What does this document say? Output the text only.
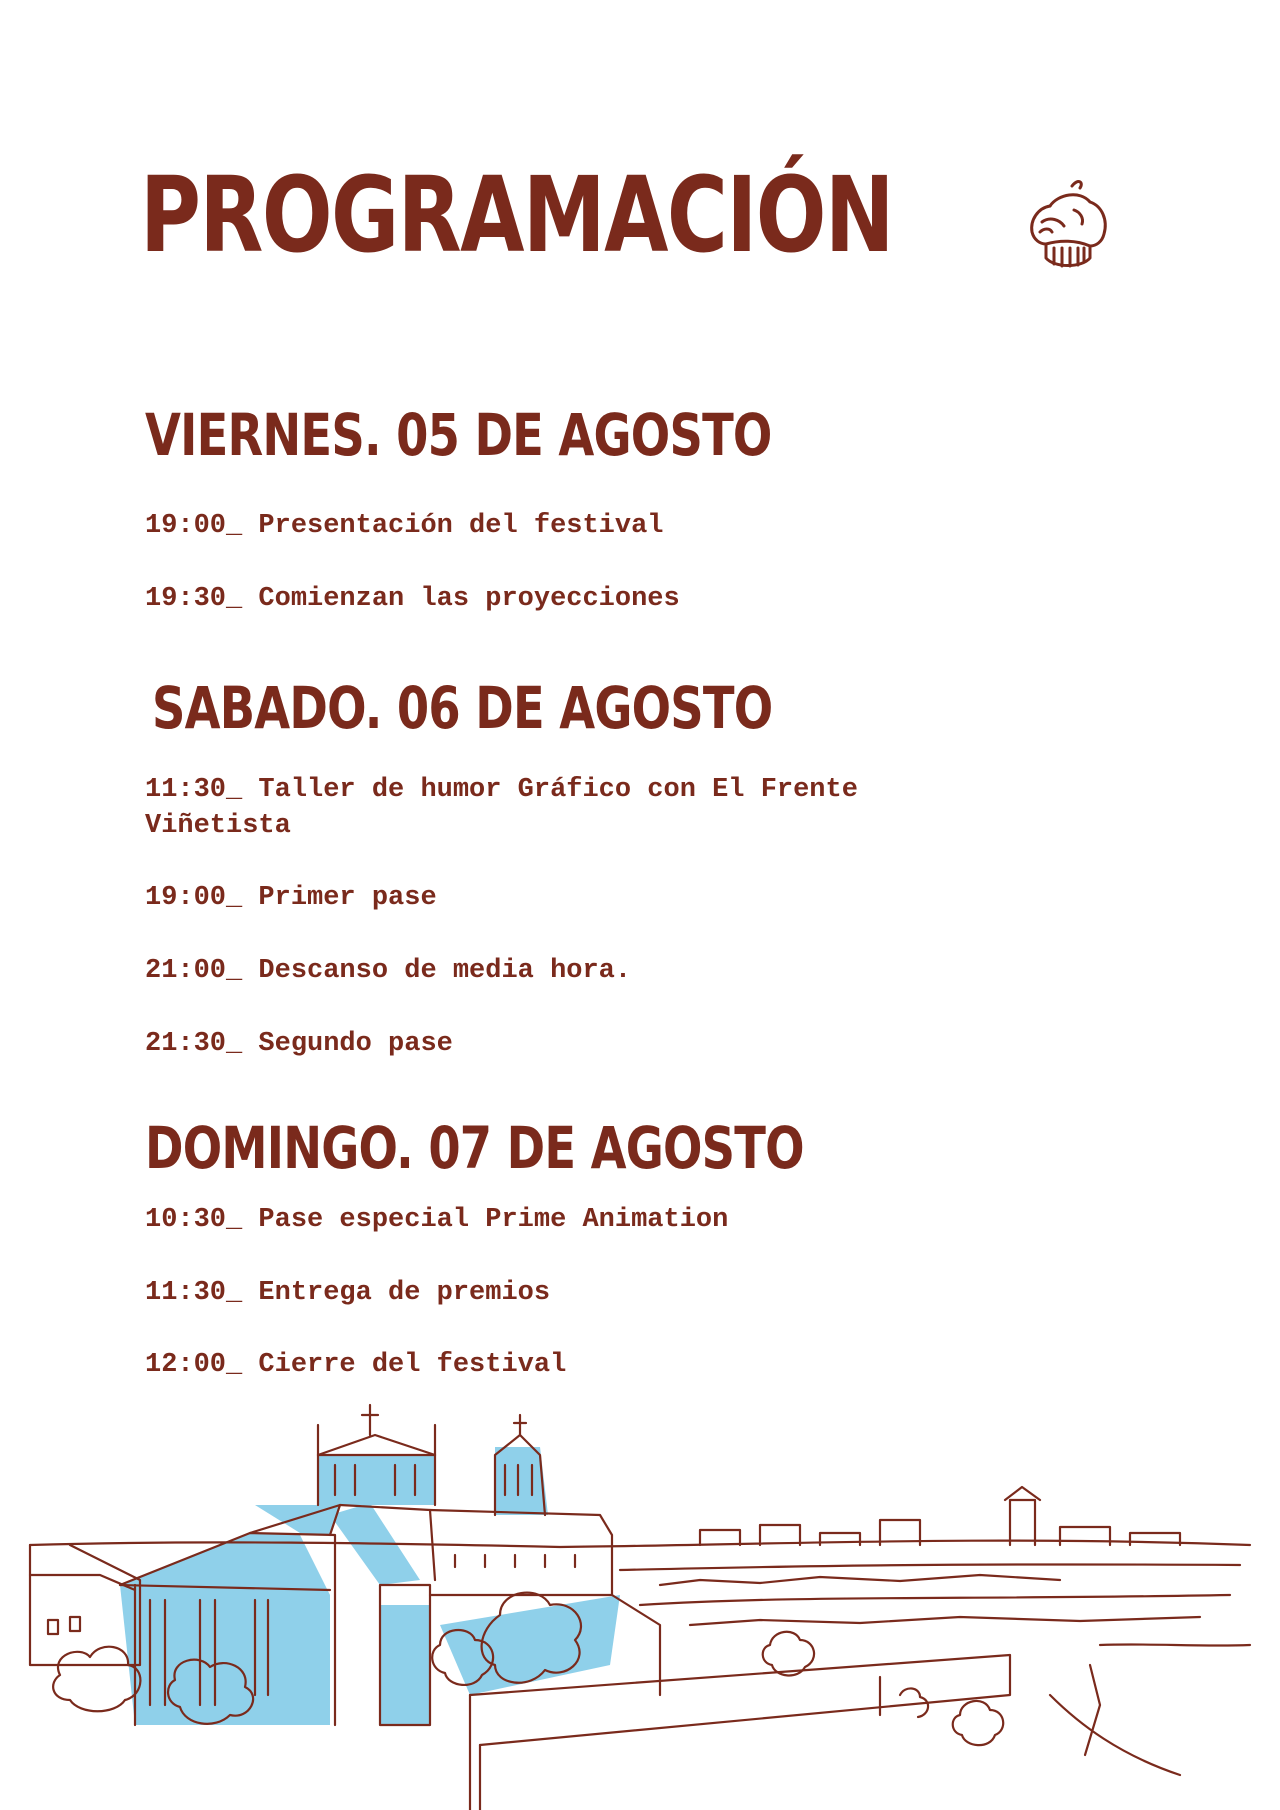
PROGRAMACIÓN
VIERNES. 05 DE AGOSTO
19:00_ Presentación del festival
19:30_ Comienzan las proyecciones
SABADO. 06 DE AGOSTO
11:30_ Taller de humor Gráfico con El Frente Viñetista
19:00_ Primer pase
21:00_ Descanso de media hora.
21:30_ Segundo pase
DOMINGO. 07 DE AGOSTO
10:30_ Pase especial Prime Animation
11:30_ Entrega de premios
12:00_ Cierre del festival
